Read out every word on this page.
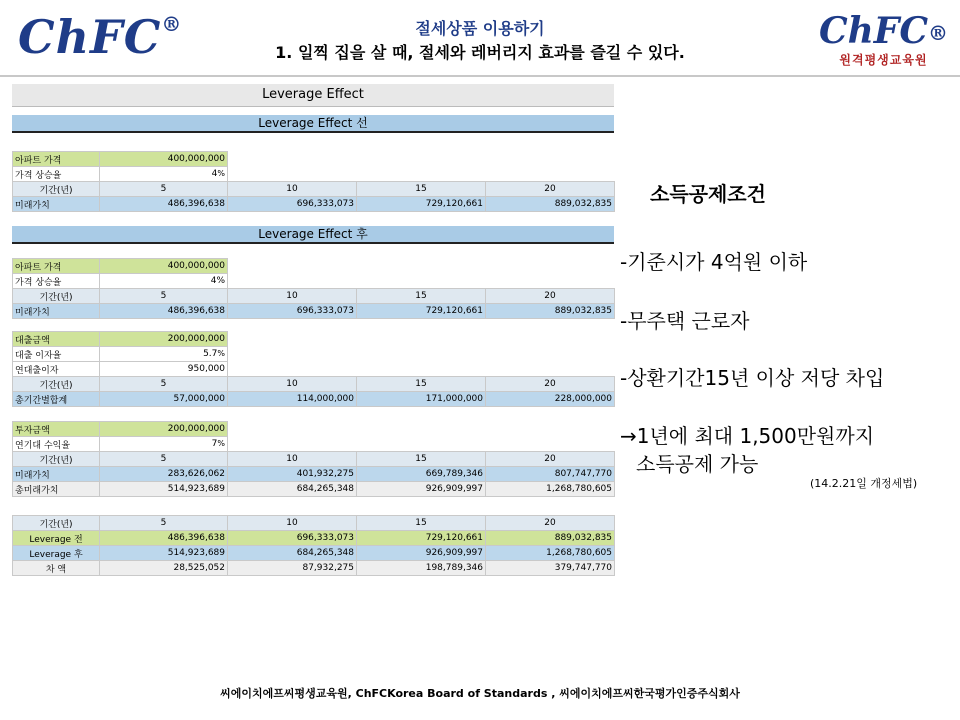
ChFC®	절세상품 이용하기
1. 일찍 집을 살 때, 절세와 레버리지 효과를 즐길 수 있다.
ChFC®
원격평생교육원
Leverage Effect
Leverage Effect 선
아파트 가격	400,000,000			
가격 상승율	4%			
기간(년)	5	10	15	20
미래가치	486,396,638	696,333,073	729,120,661	889,032,835
Leverage Effect 후
아파트 가격	400,000,000			
가격 상승율	4%			
기간(년)	5	10	15	20
미래가치	486,396,638	696,333,073	729,120,661	889,032,835
대출금액	200,000,000			
대출 이자율	5.7%			
연대출이자	950,000			
기간(년)	5	10	15	20
총기간별합계	57,000,000	114,000,000	171,000,000	228,000,000
투자금액	200,000,000			
연기대 수익율	7%			
기간(년)	5	10	15	20
미래가치	283,626,062	401,932,275	669,789,346	807,747,770
총미래가치	514,923,689	684,265,348	926,909,997	1,268,780,605
기간(년)	5	10	15	20
Leverage 전	486,396,638	696,333,073	729,120,661	889,032,835
Leverage 후	514,923,689	684,265,348	926,909,997	1,268,780,605
차 액	28,525,052	87,932,275	198,789,346	379,747,770
소득공제조건
-기준시가 4억원 이하
-무주택 근로자
-상환기간15년 이상 저당 차입
→1년에 최대 1,500만원까지
소득공제 가능
(14.2.21일 개정세법)
씨에이치에프씨평생교육원, ChFCKorea Board of Standards , 씨에이치에프씨한국평가인증주식회사
